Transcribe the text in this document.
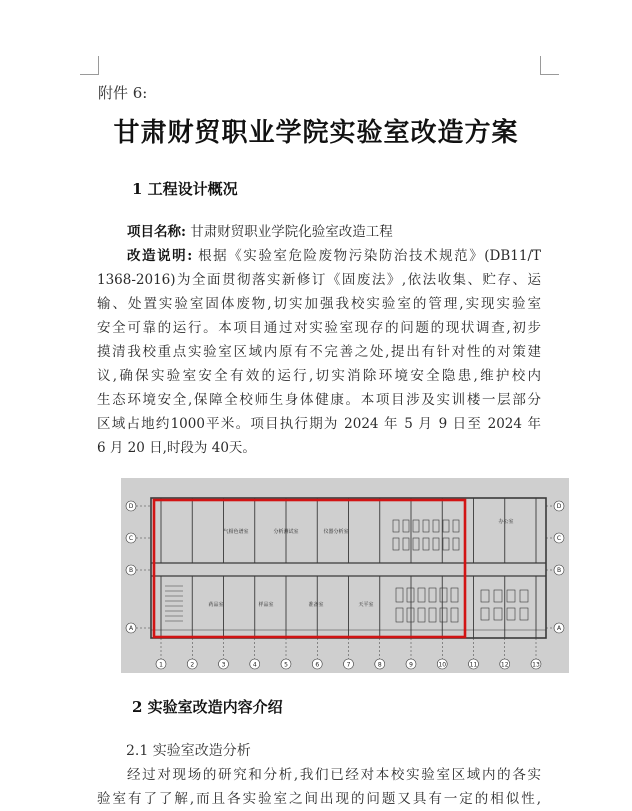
附件 6:
甘肃财贸职业学院实验室改造方案
1 工程设计概况
项目名称: 甘肃财贸职业学院化验室改造工程
改造说明: 根据《实验室危险废物污染防治技术规范》(DB11/T
1368-2016)为全面贯彻落实新修订《固废法》,依法收集、贮存、运
输、处置实验室固体废物,切实加强我校实验室的管理,实现实验室
安全可靠的运行。本项目通过对实验室现存的问题的现状调查,初步
摸清我校重点实验室区域内原有不完善之处,提出有针对性的对策建
议,确保实验室安全有效的运行,切实消除环境安全隐患,维护校内
生态环境安全,保障全校师生身体健康。本项目涉及实训楼一层部分
区域占地约1000平米。项目执行期为 2024 年 5 月 9 日至 2024 年
6 月 20 日,时段为 40天。
1	2	3	4	5	6	7	8	9	10	11	12	13
D	D
C	C
B	B
A	A
气相色谱室	分析测试室	仪器分析室
办公室
药品室	样品室	准备室	天平室
2 实验室改造内容介绍
2.1 实验室改造分析
经过对现场的研究和分析,我们已经对本校实验室区域内的各实
验室有了了解,而且各实验室之间出现的问题又具有一定的相似性,
